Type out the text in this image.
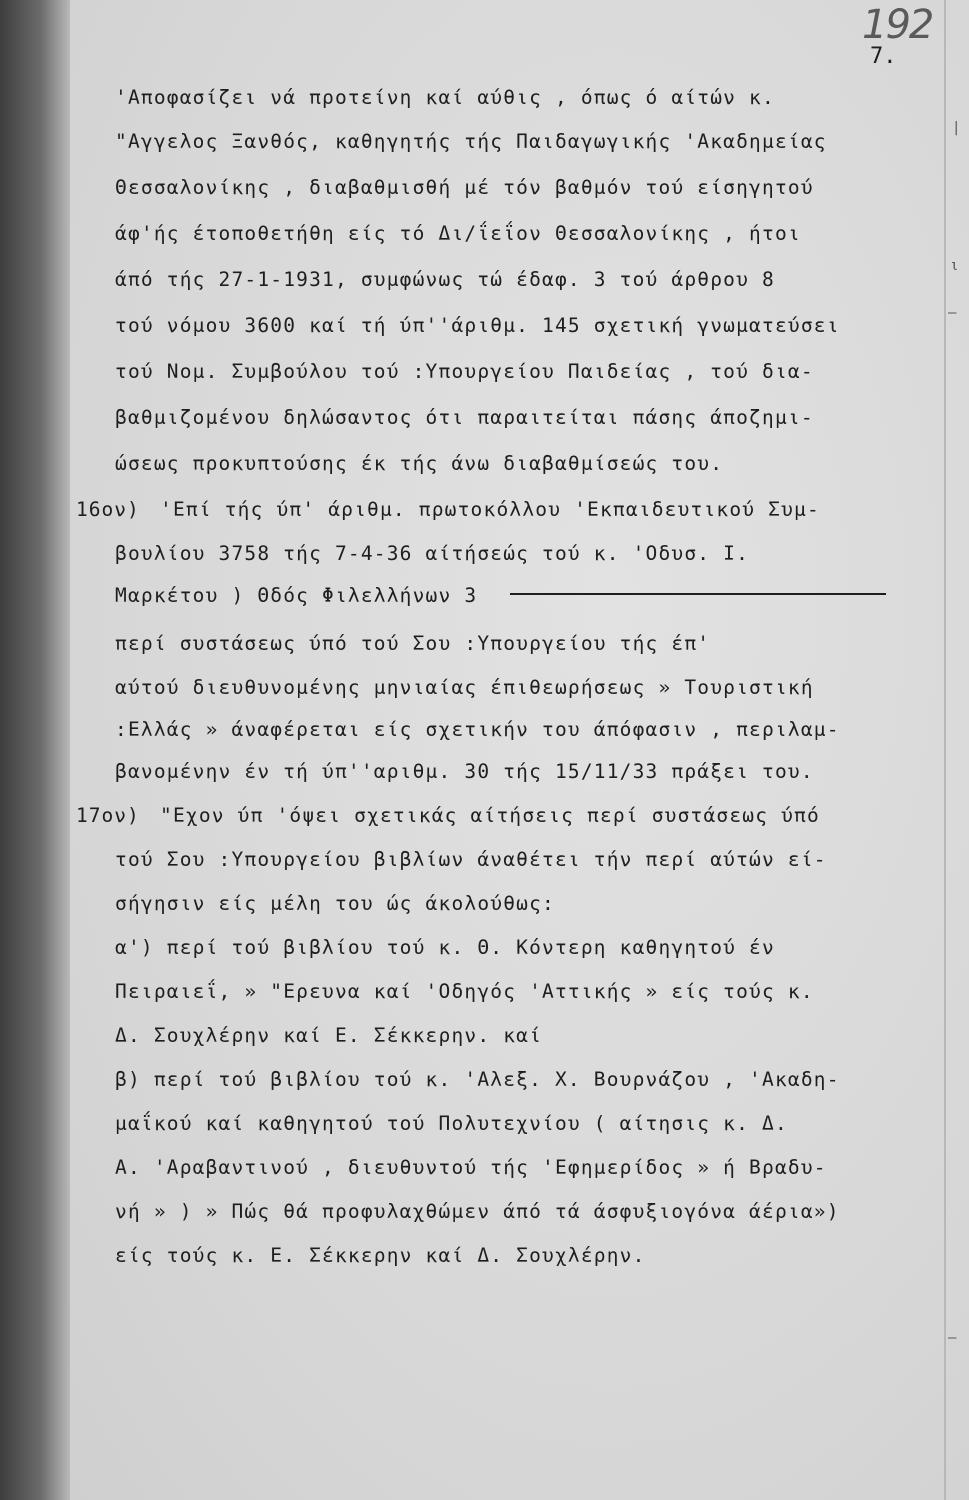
192
7.
|
ι
—
—
'Αποφασίζει νά προτείνη καί αύθις , όπως ό αίτών κ.
"Αγγελος Ξανθός, καθηγητής τής Παιδαγωγικής 'Ακαδημείας
Θεσσαλονίκης , διαβαθμισθή μέ τόν βαθμόν τού είσηγητού
άφ'ής έτοποθετήθη είς τό Δι/ΐεΐον Θεσσαλονίκης , ήτοι
άπό τής 27-1-1931, συμφώνως τώ έδαφ. 3 τού άρθρου 8
τού νόμου 3600 καί τή ύπ''άριθμ. 145 σχετική γνωματεύσει
τού Νομ. Συμβούλου τού :Υπουργείου Παιδείας , τού δια-
βαθμιζομένου δηλώσαντος ότι παραιτείται πάσης άποζημι-
ώσεως προκυπτούσης έκ τής άνω διαβαθμίσεώς του.
16ον) 'Επί τής ύπ' άριθμ. πρωτοκόλλου 'Εκπαιδευτικού Συμ-
βουλίου 3758 τής 7-4-36 αίτήσεώς τού κ. 'Οδυσ. Ι.
Μαρκέτου ) Θδός Φιλελλήνων 3
περί συστάσεως ύπό τού Σου :Υπουργείου τής έπ'
αύτού διευθυνομένης μηνιαίας έπιθεωρήσεως » Τουριστική
:Ελλάς » άναφέρεται είς σχετικήν του άπόφασιν , περιλαμ-
βανομένην έν τή ύπ''αριθμ. 30 τής 15/11/33 πράξει του.
17ον) "Εχον ύπ 'όψει σχετικάς αίτήσεις περί συστάσεως ύπό
τού Σου :Υπουργείου βιβλίων άναθέτει τήν περί αύτών εί-
σήγησιν είς μέλη του ώς άκολούθως:
α') περί τού βιβλίου τού κ. Θ. Κόντερη καθηγητού έν
Πειραιεΐ, » "Ερευνα καί 'Οδηγός 'Αττικής » είς τούς κ.
Δ. Σουχλέρην καί Ε. Σέκκερην. καί
β) περί τού βιβλίου τού κ. 'Αλεξ. Χ. Βουρνάζου , 'Ακαδη-
μαΐκού καί καθηγητού τού Πολυτεχνίου ( αίτησις κ. Δ.
Α. 'Αραβαντινού , διευθυντού τής 'Εφημερίδος » ή Βραδυ-
νή » ) » Πώς θά προφυλαχθώμεν άπό τά άσφυξιογόνα άέρια»)
είς τούς κ. Ε. Σέκκερην καί Δ. Σουχλέρην.
